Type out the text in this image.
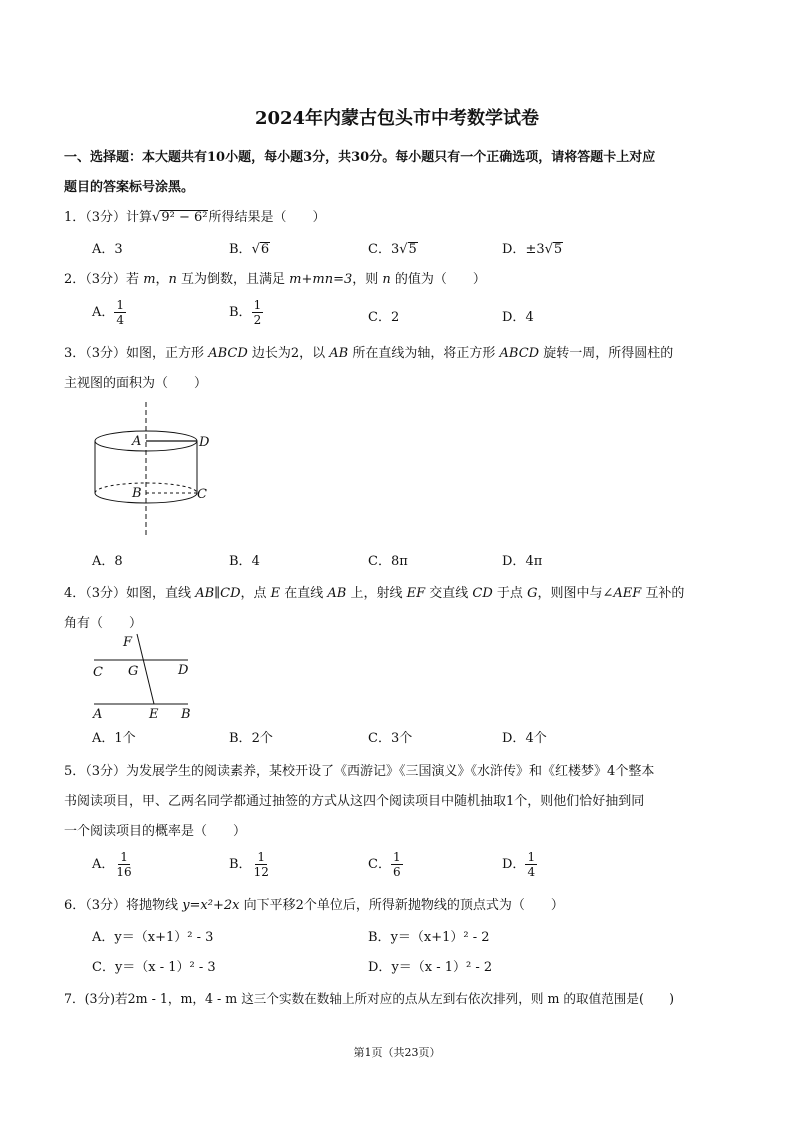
2024年内蒙古包头市中考数学试卷
一、选择题：本大题共有10小题，每小题3分，共30分。每小题只有一个正确选项，请将答题卡上对应
题目的答案标号涂黑。
1．（3分）计算√9² − 6²所得结果是（　　）
A．3	B．√6	C．3√5	D．±3√5
2．（3分）若 m，n 互为倒数，且满足 m+mn=3，则 n 的值为（　　）
A． $\frac{1}{4}$	B． $\frac{1}{2}$	C．2	D．4
3．（3分）如图，正方形 ABCD 边长为2，以 AB 所在直线为轴，将正方形 ABCD 旋转一周，所得圆柱的
主视图的面积为（　　）
A	D
B	C
A．8	B．4	C．8π	D．4π
4．（3分）如图，直线 AB∥CD，点 E 在直线 AB 上，射线 EF 交直线 CD 于点 G，则图中与∠AEF 互补的
角有（　　）
F
C G	D
A	E B
A．1个	B．2个	C．3个	D．4个
5．（3分）为发展学生的阅读素养，某校开设了《西游记》《三国演义》《水浒传》和《红楼梦》4个整本
书阅读项目，甲、乙两名同学都通过抽签的方式从这四个阅读项目中随机抽取1个，则他们恰好抽到同
一个阅读项目的概率是（　　）
A． $\frac{1}{16}$	B． $\frac{1}{12}$	C． $\frac{1}{6}$	D． $\frac{1}{4}$
6．（3分）将抛物线 y=x²+2x 向下平移2个单位后，所得新抛物线的顶点式为（　　）
A．y＝（x+1）² - 3	B．y＝（x+1）² - 2
C．y＝（x - 1）² - 3	D．y＝（x - 1）² - 2
7．(3分)若2m - 1，m，4 - m 这三个实数在数轴上所对应的点从左到右依次排列，则 m 的取值范围是(　　)
第1页（共23页）
